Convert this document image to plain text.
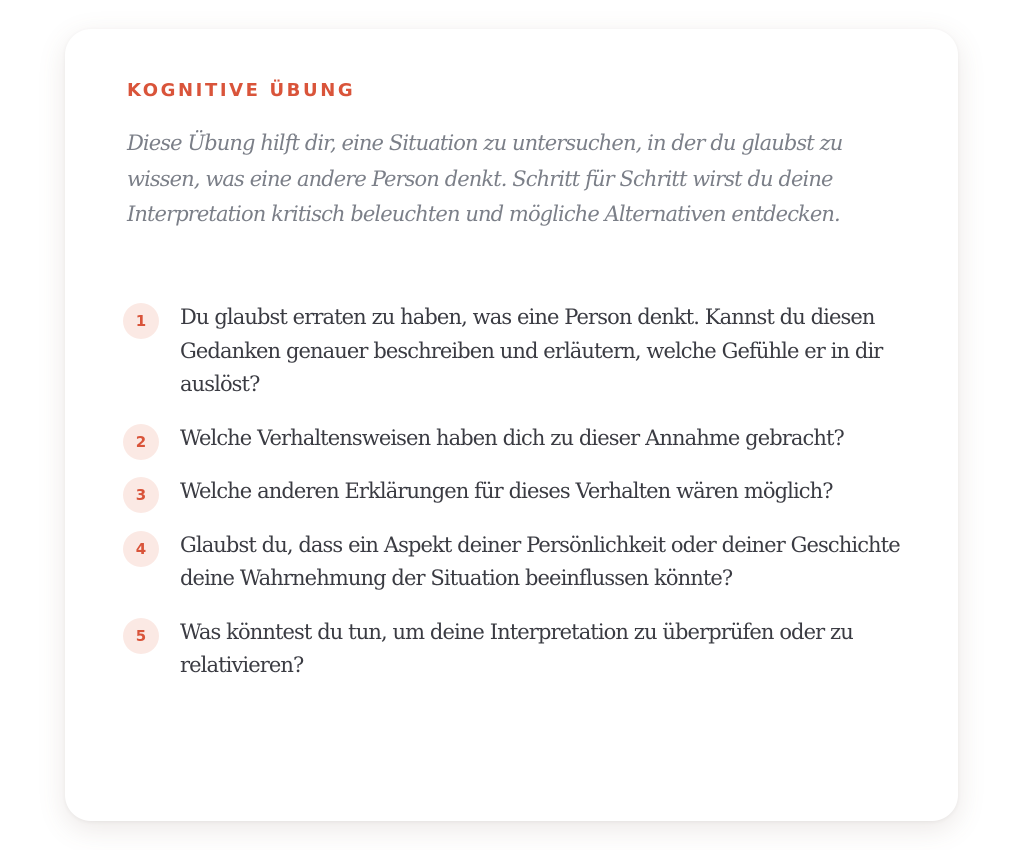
KOGNITIVE ÜBUNG

Diese Übung hilft dir, eine Situation zu untersuchen, in der du glaubst zu wissen, was eine andere Person denkt. Schritt für Schritt wirst du deine Interpretation kritisch beleuchten und mögliche Alternativen entdecken.

1	Du glaubst erraten zu haben, was eine Person denkt. Kannst du diesen Gedanken genauer beschreiben und erläutern, welche Gefühle er in dir auslöst?
2	Welche Verhaltensweisen haben dich zu dieser Annahme gebracht?
3	Welche anderen Erklärungen für dieses Verhalten wären möglich?
4	Glaubst du, dass ein Aspekt deiner Persönlichkeit oder deiner Geschichte deine Wahrnehmung der Situation beeinflussen könnte?
5	Was könntest du tun, um deine Interpretation zu überprüfen oder zu relativieren?
